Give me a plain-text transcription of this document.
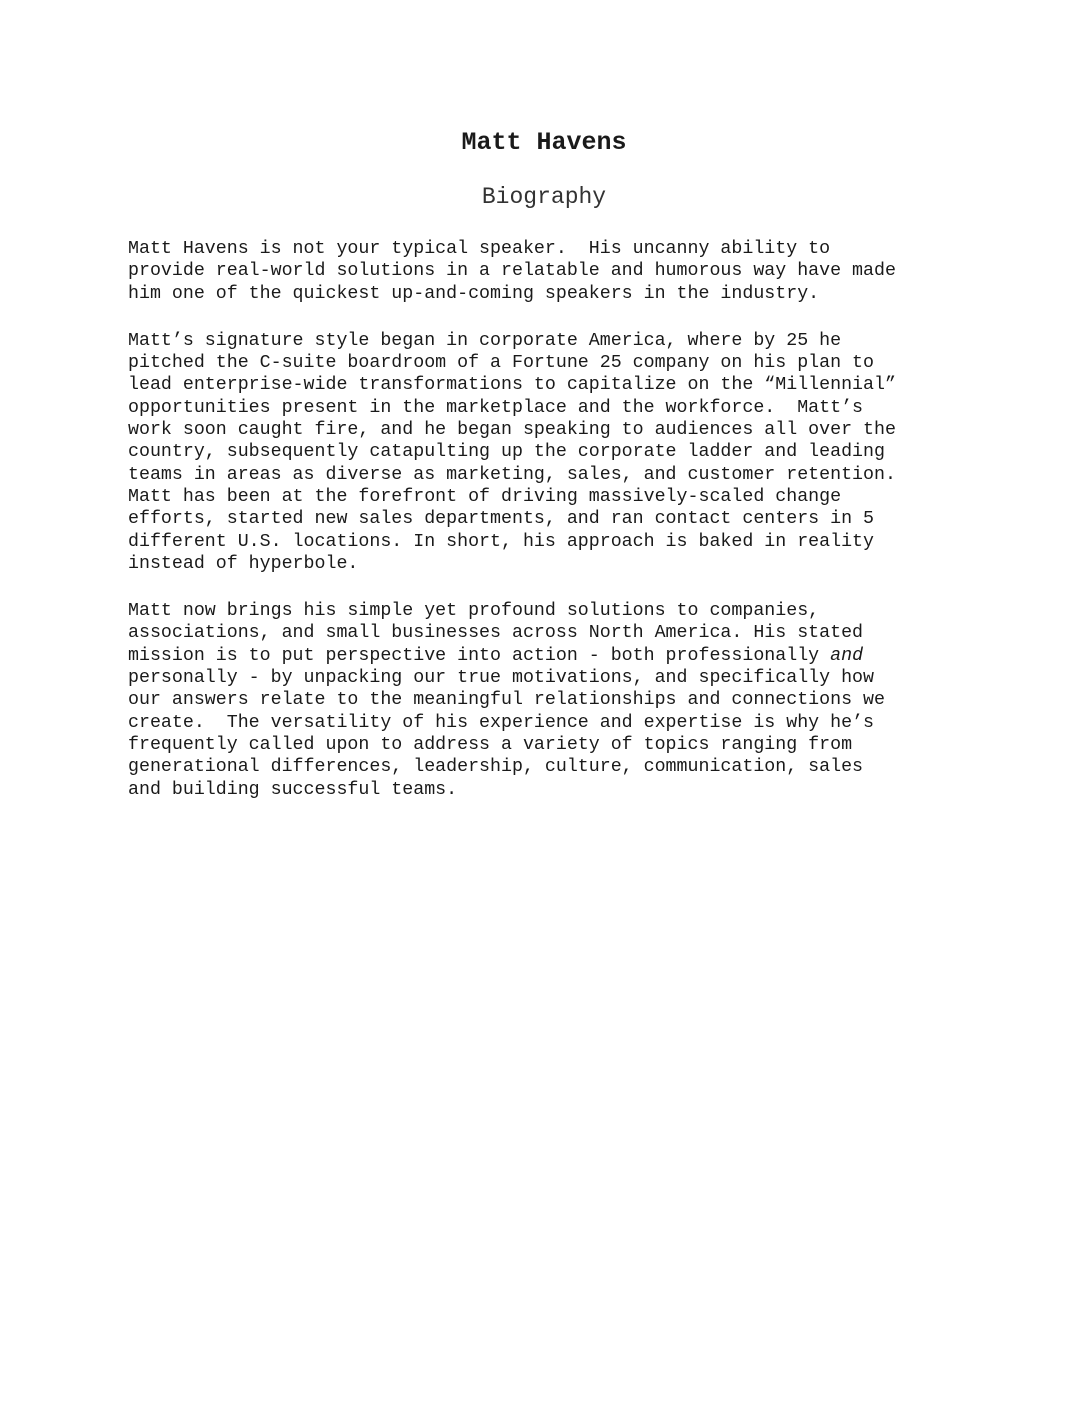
Matt Havens
Biography
Matt Havens is not your typical speaker.  His uncanny ability to
provide real-world solutions in a relatable and humorous way have made
him one of the quickest up-and-coming speakers in the industry.
Matt’s signature style began in corporate America, where by 25 he
pitched the C-suite boardroom of a Fortune 25 company on his plan to
lead enterprise-wide transformations to capitalize on the “Millennial”
opportunities present in the marketplace and the workforce.  Matt’s
work soon caught fire, and he began speaking to audiences all over the
country, subsequently catapulting up the corporate ladder and leading
teams in areas as diverse as marketing, sales, and customer retention.
Matt has been at the forefront of driving massively-scaled change
efforts, started new sales departments, and ran contact centers in 5
different U.S. locations. In short, his approach is baked in reality
instead of hyperbole.
Matt now brings his simple yet profound solutions to companies,
associations, and small businesses across North America. His stated
mission is to put perspective into action - both professionally and
personally - by unpacking our true motivations, and specifically how
our answers relate to the meaningful relationships and connections we
create.  The versatility of his experience and expertise is why he’s
frequently called upon to address a variety of topics ranging from
generational differences, leadership, culture, communication, sales
and building successful teams.
